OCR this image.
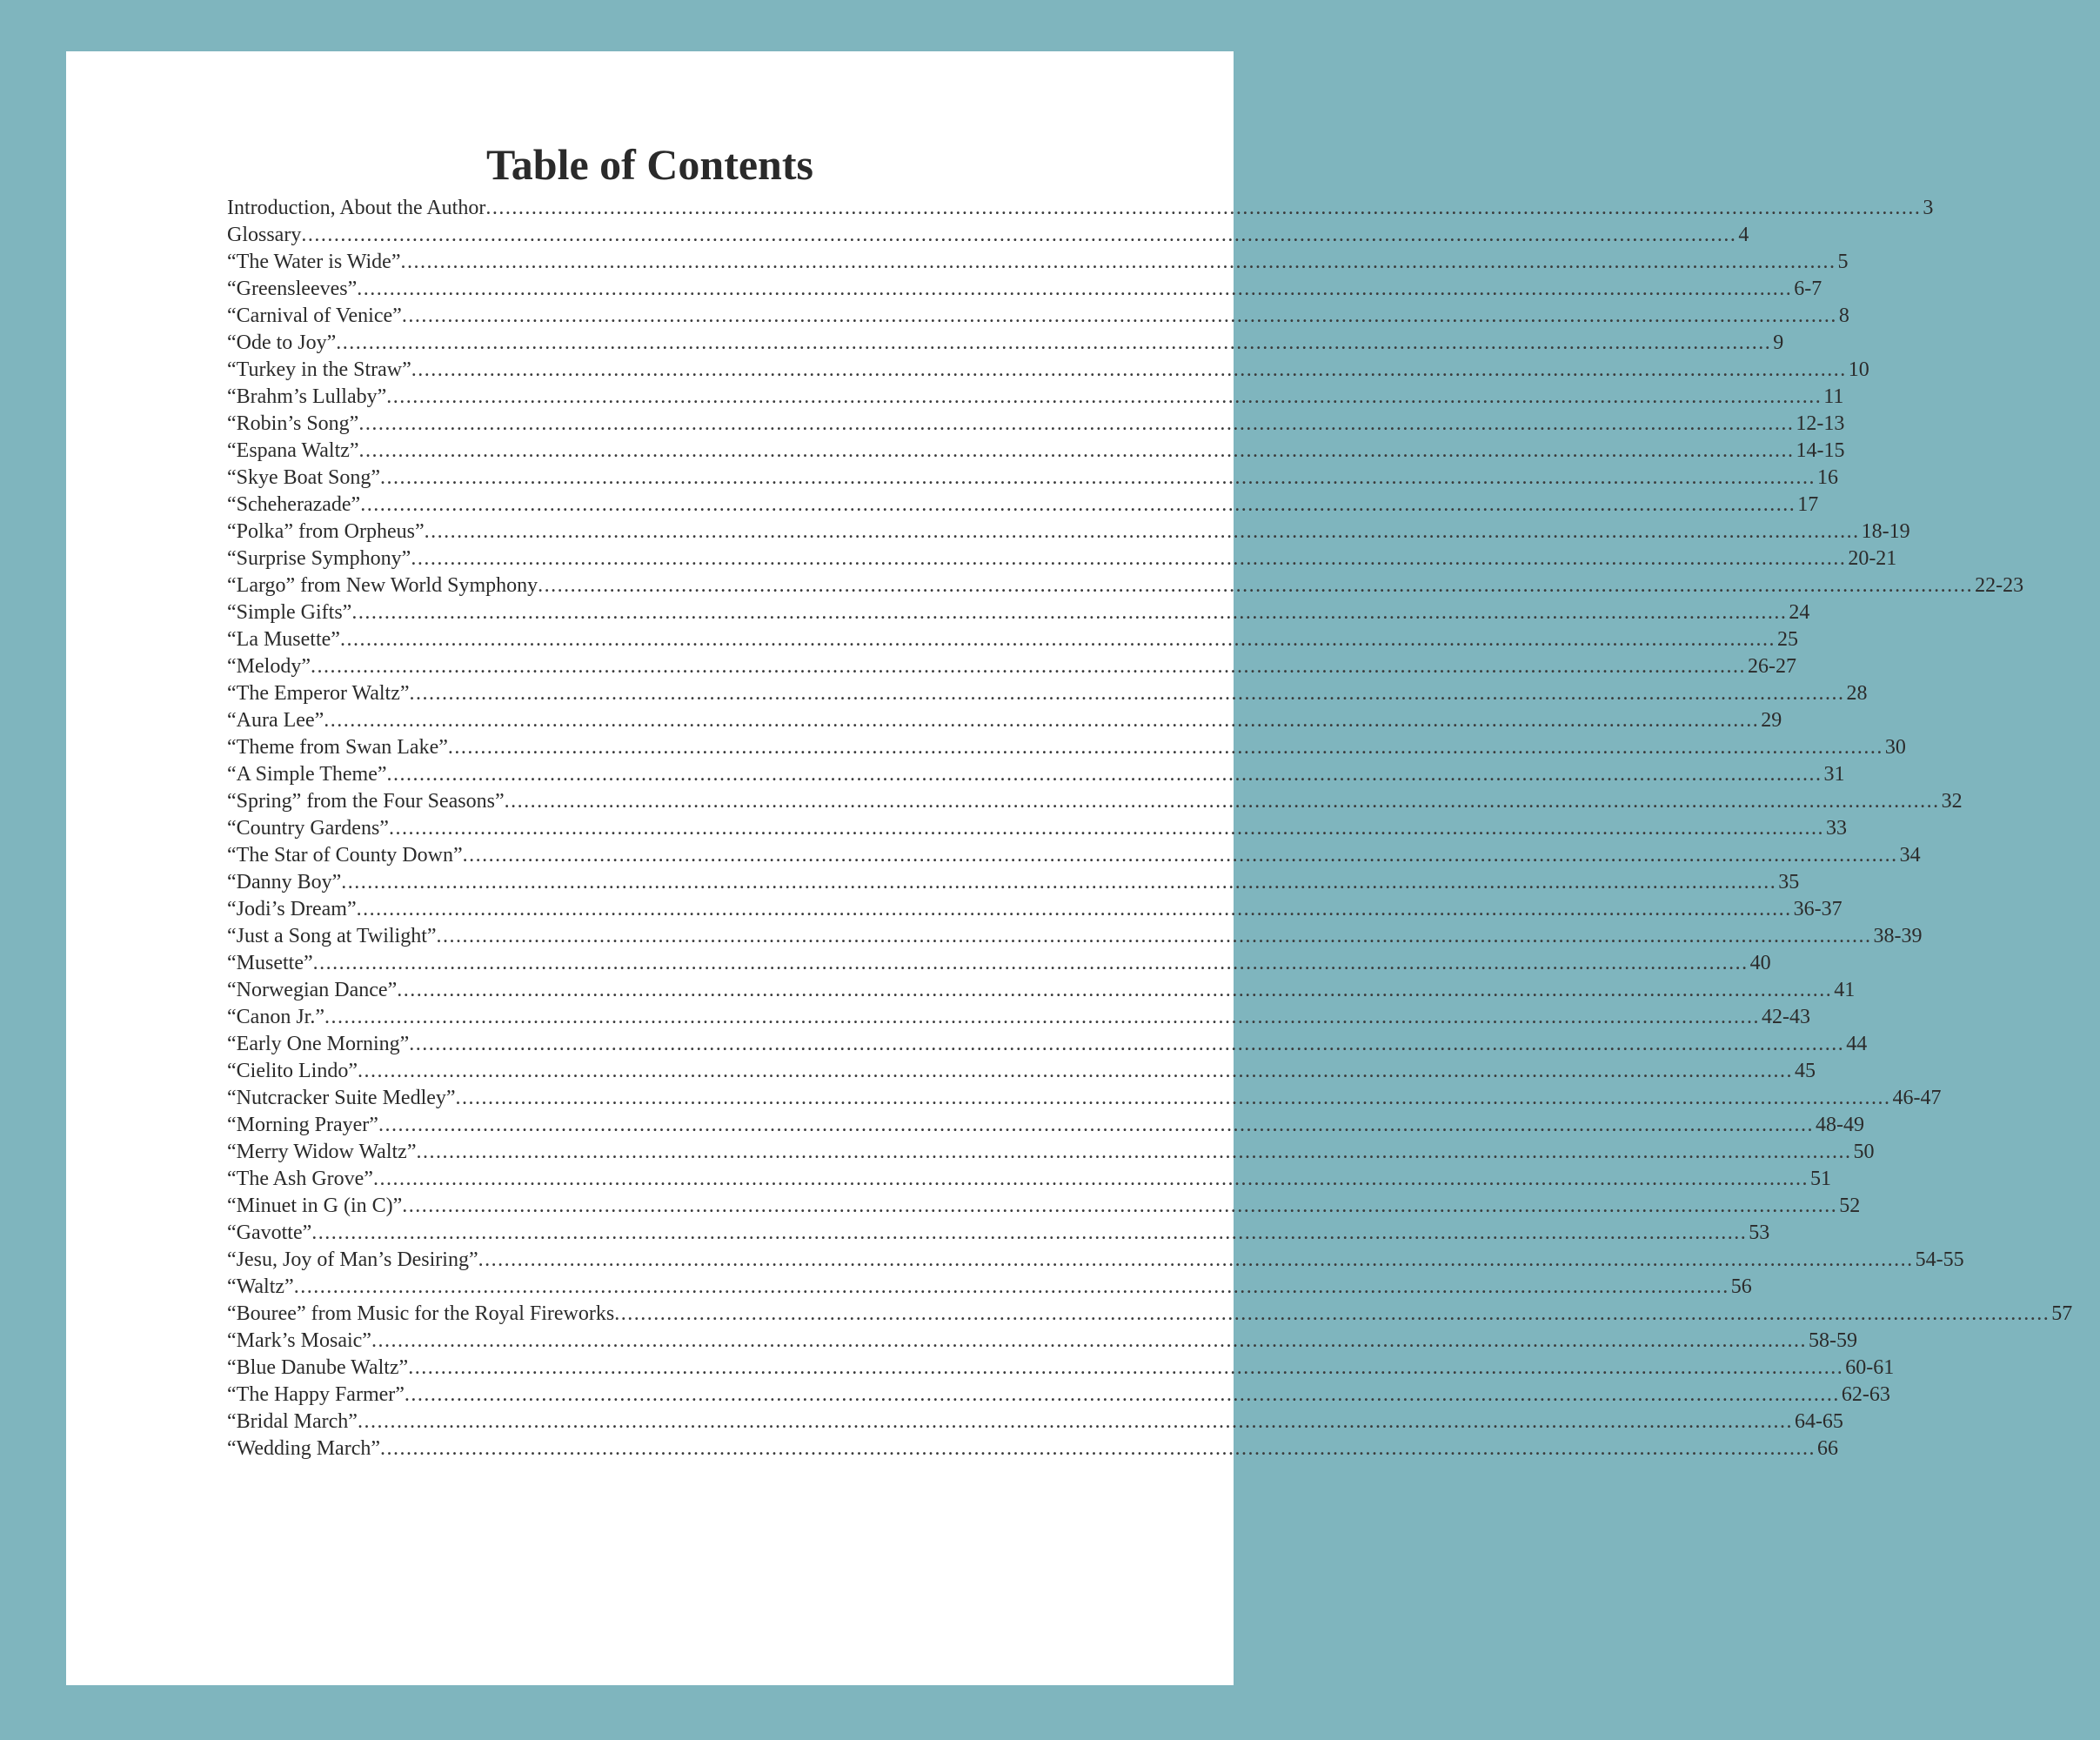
Table of Contents
Introduction, About the Author ............................................................................................................................................................................................................................ 3
Glossary ............................................................................................................................................................................................................................ 4
“The Water is Wide” ............................................................................................................................................................................................................................ 5
“Greensleeves” ............................................................................................................................................................................................................................ 6-7
“Carnival of Venice” ............................................................................................................................................................................................................................ 8
“Ode to Joy” ............................................................................................................................................................................................................................ 9
“Turkey in the Straw” ............................................................................................................................................................................................................................ 10
“Brahm’s Lullaby” ............................................................................................................................................................................................................................ 11
“Robin’s Song” ............................................................................................................................................................................................................................ 12-13
“Espana Waltz” ............................................................................................................................................................................................................................ 14-15
“Skye Boat Song” ............................................................................................................................................................................................................................ 16
“Scheherazade” ............................................................................................................................................................................................................................ 17
“Polka” from Orpheus” ............................................................................................................................................................................................................................ 18-19
“Surprise Symphony” ............................................................................................................................................................................................................................ 20-21
“Largo” from New World Symphony ............................................................................................................................................................................................................................ 22-23
“Simple Gifts” ............................................................................................................................................................................................................................ 24
“La Musette” ............................................................................................................................................................................................................................ 25
“Melody” ............................................................................................................................................................................................................................ 26-27
“The Emperor Waltz” ............................................................................................................................................................................................................................ 28
“Aura Lee” ............................................................................................................................................................................................................................ 29
“Theme from Swan Lake” ............................................................................................................................................................................................................................ 30
“A Simple Theme” ............................................................................................................................................................................................................................ 31
“Spring” from the Four Seasons” ............................................................................................................................................................................................................................ 32
“Country Gardens” ............................................................................................................................................................................................................................ 33
“The Star of County Down” ............................................................................................................................................................................................................................ 34
“Danny Boy” ............................................................................................................................................................................................................................ 35
“Jodi’s Dream” ............................................................................................................................................................................................................................ 36-37
“Just a Song at Twilight” ............................................................................................................................................................................................................................ 38-39
“Musette” ............................................................................................................................................................................................................................ 40
“Norwegian Dance” ............................................................................................................................................................................................................................ 41
“Canon Jr.” ............................................................................................................................................................................................................................ 42-43
“Early One Morning” ............................................................................................................................................................................................................................ 44
“Cielito Lindo” ............................................................................................................................................................................................................................ 45
“Nutcracker Suite Medley” ............................................................................................................................................................................................................................ 46-47
“Morning Prayer” ............................................................................................................................................................................................................................ 48-49
“Merry Widow Waltz” ............................................................................................................................................................................................................................ 50
“The Ash Grove” ............................................................................................................................................................................................................................ 51
“Minuet in G (in C)” ............................................................................................................................................................................................................................ 52
“Gavotte” ............................................................................................................................................................................................................................ 53
“Jesu, Joy of Man’s Desiring” ............................................................................................................................................................................................................................ 54-55
“Waltz” ............................................................................................................................................................................................................................ 56
“Bouree” from Music for the Royal Fireworks ............................................................................................................................................................................................................................ 57
“Mark’s Mosaic” ............................................................................................................................................................................................................................ 58-59
“Blue Danube Waltz” ............................................................................................................................................................................................................................ 60-61
“The Happy Farmer” ............................................................................................................................................................................................................................ 62-63
“Bridal March” ............................................................................................................................................................................................................................ 64-65
“Wedding March” ............................................................................................................................................................................................................................ 66
